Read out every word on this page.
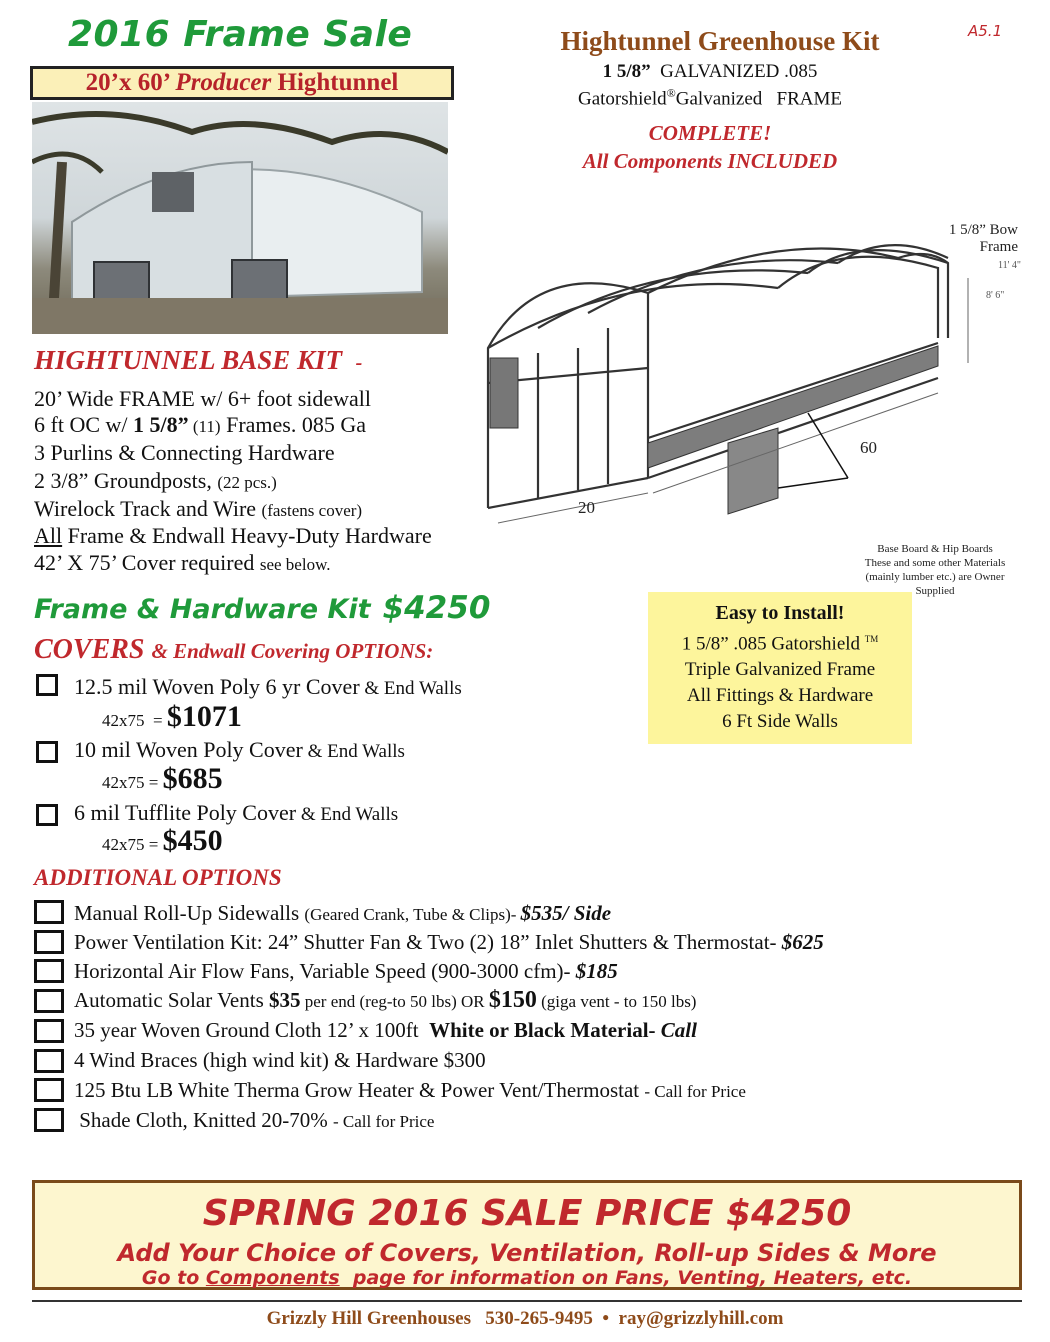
2016 Frame Sale
20’x 60’ Producer Hightunnel
Hightunnel Greenhouse Kit	A5.1
1 5/8” GALVANIZED .085
Gatorshield®Galvanized   FRAME
COMPLETE!
All Components INCLUDED
1 5/8” Bow
Frame
11' 4"
8' 6"
60
20
Base Board & Hip Boards
These and some other Materials
(mainly lumber etc.) are Owner
Supplied
HIGHTUNNEL BASE KIT -
20’ Wide FRAME w/ 6+ foot sidewall
6 ft OC w/ 1 5/8” (11) Frames. 085 Ga
3 Purlins & Connecting Hardware
2 3/8” Groundposts, (22 pcs.)
Wirelock Track and Wire (fastens cover)
All Frame & Endwall Heavy-Duty Hardware
42’ X 75’ Cover required see below.
Frame & Hardware Kit $4250
COVERS & Endwall Covering OPTIONS:
12.5 mil Woven Poly 6 yr Cover & End Walls
42x75  = $1071
10 mil Woven Poly Cover & End Walls
42x75 = $685
6 mil Tufflite Poly Cover & End Walls
42x75 = $450
Easy to Install!
1 5/8” .085 Gatorshield ™
Triple Galvanized Frame
All Fittings & Hardware
6 Ft Side Walls
ADDITIONAL OPTIONS
Manual Roll-Up Sidewalls (Geared Crank, Tube & Clips)- $535/ Side
Power Ventilation Kit: 24” Shutter Fan & Two (2) 18” Inlet Shutters & Thermostat- $625
Horizontal Air Flow Fans, Variable Speed (900-3000 cfm)- $185
Automatic Solar Vents $35 per end (reg-to 50 lbs) OR $150 (giga vent - to 150 lbs)
35 year Woven Ground Cloth 12’ x 100ft  White or Black Material- Call
4 Wind Braces (high wind kit) & Hardware $300
125 Btu LB White Therma Grow Heater & Power Vent/Thermostat - Call for Price
Shade Cloth, Knitted 20-70% - Call for Price
SPRING 2016 SALE PRICE $4250
Add Your Choice of Covers, Ventilation, Roll-up Sides & More
Go to Components  page for information on Fans, Venting, Heaters, etc.
Grizzly Hill Greenhouses   530-265-9495  •  ray@grizzlyhill.com
